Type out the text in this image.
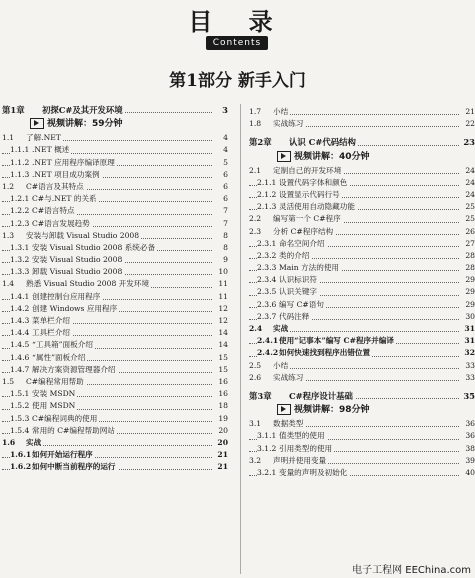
目 录
Contents
第1部分 新手入门
第1章 初探C#及其开发环境	3
视频讲解：59分钟
1.1 了解.NET	4
1.1.1 .NET 概述	4
1.1.2 .NET 应用程序编译原理	5
1.1.3 .NET 项目成功案例	6
1.2 C#语言及其特点	6
1.2.1 C#与.NET 的关系	6
1.2.2 C#语言特点	7
1.2.3 C#语言发展趋势	7
1.3 安装与卸载 Visual Studio 2008	8
1.3.1 安装 Visual Studio 2008 系统必备	8
1.3.2 安装 Visual Studio 2008	9
1.3.3 卸载 Visual Studio 2008	10
1.4 熟悉 Visual Studio 2008 开发环境	11
1.4.1 创建控制台应用程序	11
1.4.2 创建 Windows 应用程序	12
1.4.3 菜单栏介绍	12
1.4.4 工具栏介绍	14
1.4.5 “工具箱”面板介绍	14
1.4.6 “属性”面板介绍	15
1.4.7 解决方案资源管理器介绍	15
1.5 C#编程常用帮助	16
1.5.1 安装 MSDN	16
1.5.2 使用 MSDN	18
1.5.3 C#编程词典的使用	19
1.5.4 常用的 C#编程帮助网站	20
1.6 实战	20
1.6.1如何开始运行程序	21
1.6.2如何中断当前程序的运行	21
1.7 小结	21
1.8 实战练习	22
第2章 认识 C#代码结构	23
视频讲解：40分钟
2.1 定制自己的开发环境	24
2.1.1 设置代码字体和颜色	24
2.1.2 设置显示代码行号	24
2.1.3 灵活使用自动隐藏功能	25
2.2 编写第一个 C#程序	25
2.3 分析 C#程序结构	26
2.3.1 命名空间介绍	27
2.3.2 类的介绍	28
2.3.3 Main 方法的使用	28
2.3.4 认识标识符	29
2.3.5 认识关键字	29
2.3.6 编写 C#语句	29
2.3.7 代码注释	30
2.4 实战	31
2.4.1使用“记事本”编写 C#程序并编译	31
2.4.2如何快速找到程序出错位置	32
2.5 小结	33
2.6 实战练习	33
第3章 C#程序设计基础	35
视频讲解：98分钟
3.1 数据类型	36
3.1.1 值类型的使用	36
3.1.2 引用类型的使用	38
3.2 声明并使用变量	39
3.2.1 变量的声明及初始化	40
电子工程网 EEChina.com
